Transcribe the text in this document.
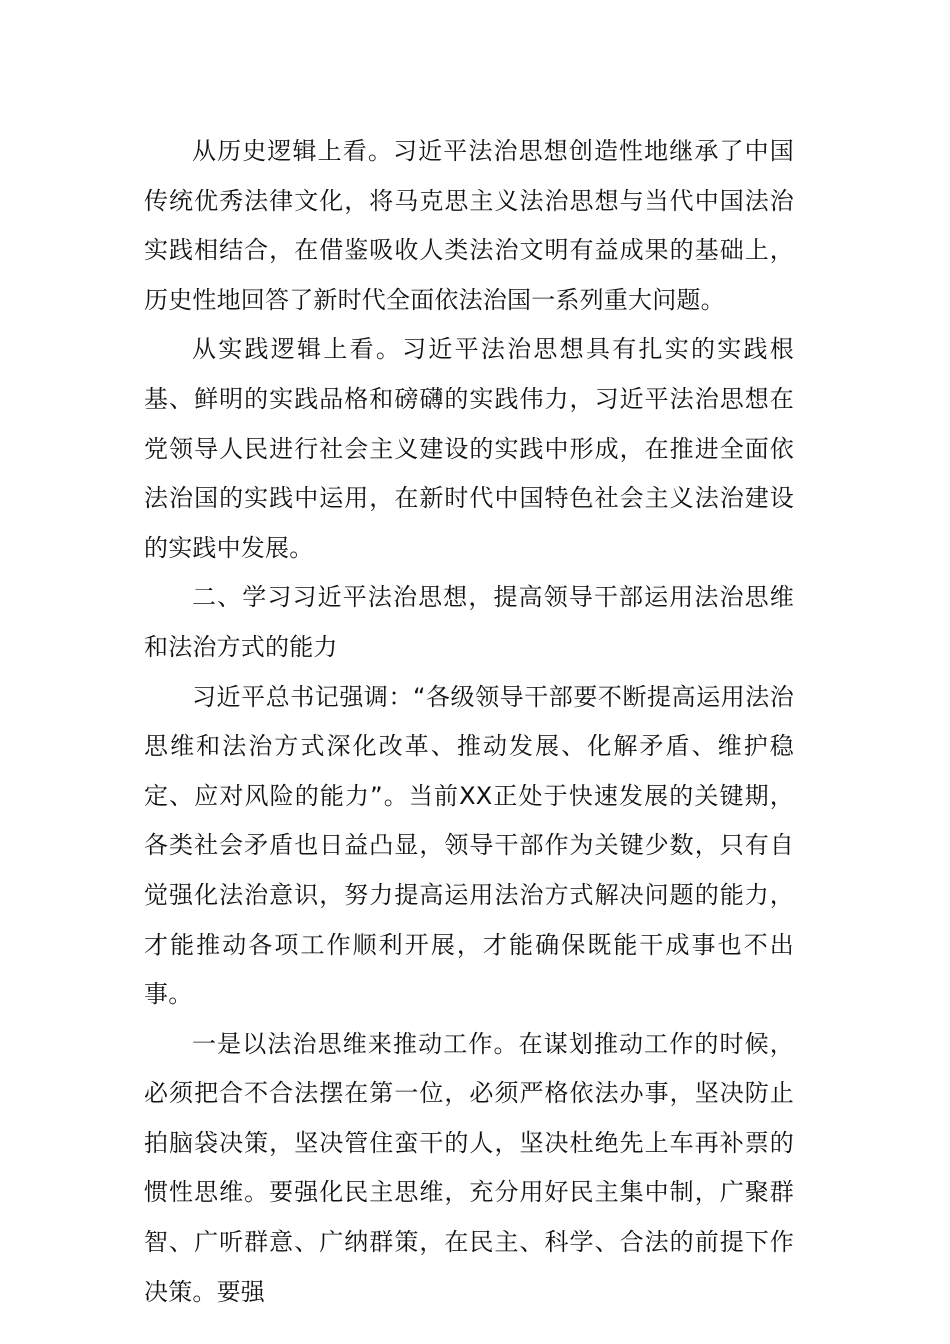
从历史逻辑上看。习近平法治思想创造性地继承了中国传统优秀法律文化，将马克思主义法治思想与当代中国法治实践相结合，在借鉴吸收人类法治文明有益成果的基础上，历史性地回答了新时代全面依法治国一系列重大问题。

从实践逻辑上看。习近平法治思想具有扎实的实践根基、鲜明的实践品格和磅礴的实践伟力，习近平法治思想在党领导人民进行社会主义建设的实践中形成，在推进全面依法治国的实践中运用，在新时代中国特色社会主义法治建设的实践中发展。

二、学习习近平法治思想，提高领导干部运用法治思维和法治方式的能力

习近平总书记强调：“各级领导干部要不断提高运用法治思维和法治方式深化改革、推动发展、化解矛盾、维护稳定、应对风险的能力”。当前XX正处于快速发展的关键期，各类社会矛盾也日益凸显，领导干部作为关键少数，只有自觉强化法治意识，努力提高运用法治方式解决问题的能力，才能推动各项工作顺利开展，才能确保既能干成事也不出事。

一是以法治思维来推动工作。在谋划推动工作的时候，必须把合不合法摆在第一位，必须严格依法办事，坚决防止拍脑袋决策，坚决管住蛮干的人，坚决杜绝先上车再补票的惯性思维。要强化民主思维，充分用好民主集中制，广聚群智、广听群意、广纳群策，在民主、科学、合法的前提下作决策。要强
